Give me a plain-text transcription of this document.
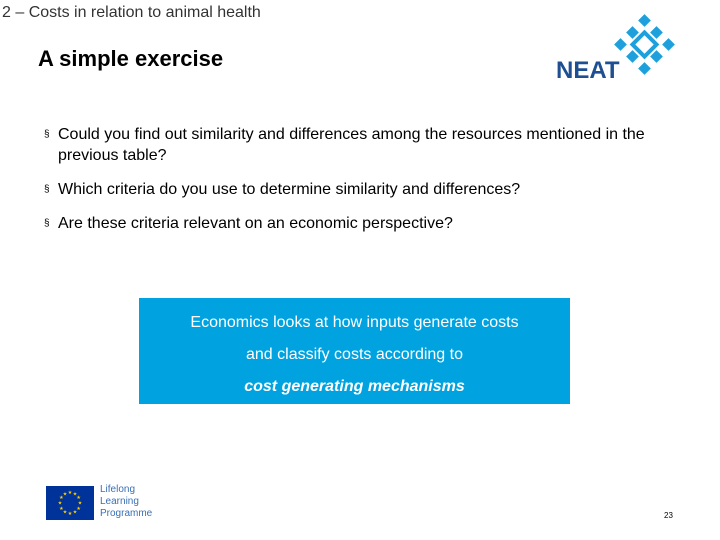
2 – Costs in relation to animal health
A simple exercise	NEAT
§ Could you find out similarity and differences among the resources mentioned in the previous table?
§ Which criteria do you use to determine similarity and differences?
§ Are these criteria relevant on an economic perspective?
Economics looks at how inputs generate costs
and classify costs according to
cost generating mechanisms
★ ★
★
★
★
★
★
★
★
★
★
★	Lifelong
Learning
Programme	23
